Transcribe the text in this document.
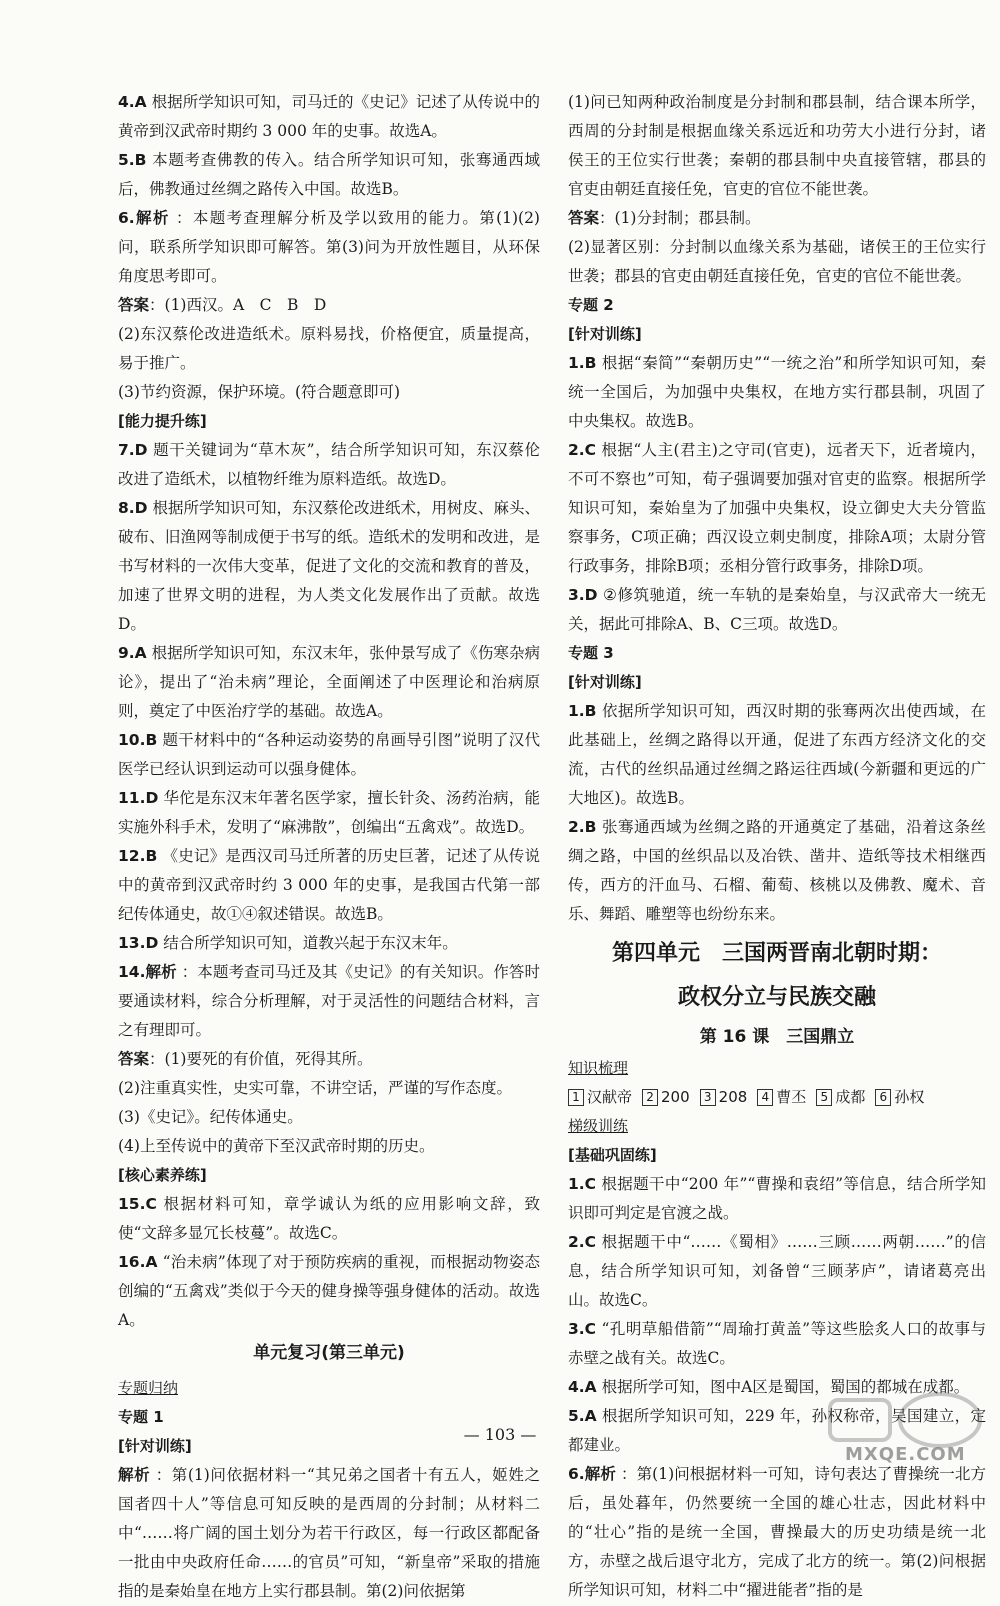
4.A 根据所学知识可知，司马迁的《史记》记述了从传说中的黄帝到汉武帝时期约 3 000 年的史事。故选A。

5.B 本题考查佛教的传入。结合所学知识可知，张骞通西域后，佛教通过丝绸之路传入中国。故选B。

6.解析 ：本题考查理解分析及学以致用的能力。第(1)(2)问，联系所学知识即可解答。第(3)问为开放性题目，从环保角度思考即可。

答案：(1)西汉。A　C　B　D

(2)东汉蔡伦改进造纸术。原料易找，价格便宜，质量提高，易于推广。

(3)节约资源，保护环境。(符合题意即可)

[能力提升练]

7.D 题干关键词为“草木灰”，结合所学知识可知，东汉蔡伦改进了造纸术，以植物纤维为原料造纸。故选D。

8.D 根据所学知识可知，东汉蔡伦改进纸术，用树皮、麻头、破布、旧渔网等制成便于书写的纸。造纸术的发明和改进，是书写材料的一次伟大变革，促进了文化的交流和教育的普及，加速了世界文明的进程，为人类文化发展作出了贡献。故选D。

9.A 根据所学知识可知，东汉末年，张仲景写成了《伤寒杂病论》，提出了“治未病”理论，全面阐述了中医理论和治病原则，奠定了中医治疗学的基础。故选A。

10.B 题干材料中的“各种运动姿势的帛画导引图”说明了汉代医学已经认识到运动可以强身健体。

11.D 华佗是东汉末年著名医学家，擅长针灸、汤药治病，能实施外科手术，发明了“麻沸散”，创编出“五禽戏”。故选D。

12.B 《史记》是西汉司马迁所著的历史巨著，记述了从传说中的黄帝到汉武帝时约 3 000 年的史事，是我国古代第一部纪传体通史，故①④叙述错误。故选B。

13.D 结合所学知识可知，道教兴起于东汉末年。

14.解析 ：本题考查司马迁及其《史记》的有关知识。作答时要通读材料，综合分析理解，对于灵活性的问题结合材料，言之有理即可。

答案：(1)要死的有价值，死得其所。

(2)注重真实性，史实可靠，不讲空话，严谨的写作态度。

(3)《史记》。纪传体通史。

(4)上至传说中的黄帝下至汉武帝时期的历史。

[核心素养练]

15.C 根据材料可知，章学诚认为纸的应用影响文辞，致使“文辞多显冗长枝蔓”。故选C。

16.A “治未病”体现了对于预防疾病的重视，而根据动物姿态创编的“五禽戏”类似于今天的健身操等强身健体的活动。故选A。

单元复习(第三单元)

专题归纳

专题 1

[针对训练]

解析 ：第(1)问依据材料一“其兄弟之国者十有五人，姬姓之国者四十人”等信息可知反映的是西周的分封制；从材料二中“……将广阔的国土划分为若干行政区，每一行政区都配备一批由中央政府任命……的官员”可知，“新皇帝”采取的措施指的是秦始皇在地方上实行郡县制。第(2)问依据第

(1)问已知两种政治制度是分封制和郡县制，结合课本所学，西周的分封制是根据血缘关系远近和功劳大小进行分封，诸侯王的王位实行世袭；秦朝的郡县制中央直接管辖，郡县的官吏由朝廷直接任免，官吏的官位不能世袭。

答案：(1)分封制；郡县制。

(2)显著区别：分封制以血缘关系为基础，诸侯王的王位实行世袭；郡县的官吏由朝廷直接任免，官吏的官位不能世袭。

专题 2

[针对训练]

1.B 根据“秦简”“秦朝历史”“一统之治”和所学知识可知，秦统一全国后，为加强中央集权，在地方实行郡县制，巩固了中央集权。故选B。

2.C 根据“人主(君主)之守司(官吏)，远者天下，近者境内，不可不察也”可知，荀子强调要加强对官吏的监察。根据所学知识可知，秦始皇为了加强中央集权，设立御史大夫分管监察事务，C项正确；西汉设立刺史制度，排除A项；太尉分管行政事务，排除B项；丞相分管行政事务，排除D项。

3.D ②修筑驰道，统一车轨的是秦始皇，与汉武帝大一统无关，据此可排除A、B、C三项。故选D。

专题 3

[针对训练]

1.B 依据所学知识可知，西汉时期的张骞两次出使西域，在此基础上，丝绸之路得以开通，促进了东西方经济文化的交流，古代的丝织品通过丝绸之路运往西域(今新疆和更远的广大地区)。故选B。

2.B 张骞通西域为丝绸之路的开通奠定了基础，沿着这条丝绸之路，中国的丝织品以及冶铁、凿井、造纸等技术相继西传，西方的汗血马、石榴、葡萄、核桃以及佛教、魔术、音乐、舞蹈、雕塑等也纷纷东来。

第四单元　三国两晋南北朝时期：

政权分立与民族交融

第 16 课　三国鼎立

知识梳理

1 汉献帝 2 200 3 208 4 曹丕 5 成都 6 孙权

梯级训练

[基础巩固练]

1.C 根据题干中“200 年”“曹操和袁绍”等信息，结合所学知识即可判定是官渡之战。

2.C 根据题干中“……《蜀相》……三顾……两朝……”的信息，结合所学知识可知，刘备曾“三顾茅庐”，请诸葛亮出山。故选C。

3.C “孔明草船借箭”“周瑜打黄盖”等这些脍炙人口的故事与赤壁之战有关。故选C。

4.A 根据所学可知，图中A区是蜀国，蜀国的都城在成都。

5.A 根据所学知识可知，229 年，孙权称帝，吴国建立，定都建业。

6.解析 ：第(1)问根据材料一可知，诗句表达了曹操统一北方后，虽处暮年，仍然要统一全国的雄心壮志，因此材料中的“壮心”指的是统一全国，曹操最大的历史功绩是统一北方，赤壁之战后退守北方，完成了北方的统一。第(2)问根据所学知识可知，材料二中“擢进能者”指的是

— 103 —
MXQE.COM
